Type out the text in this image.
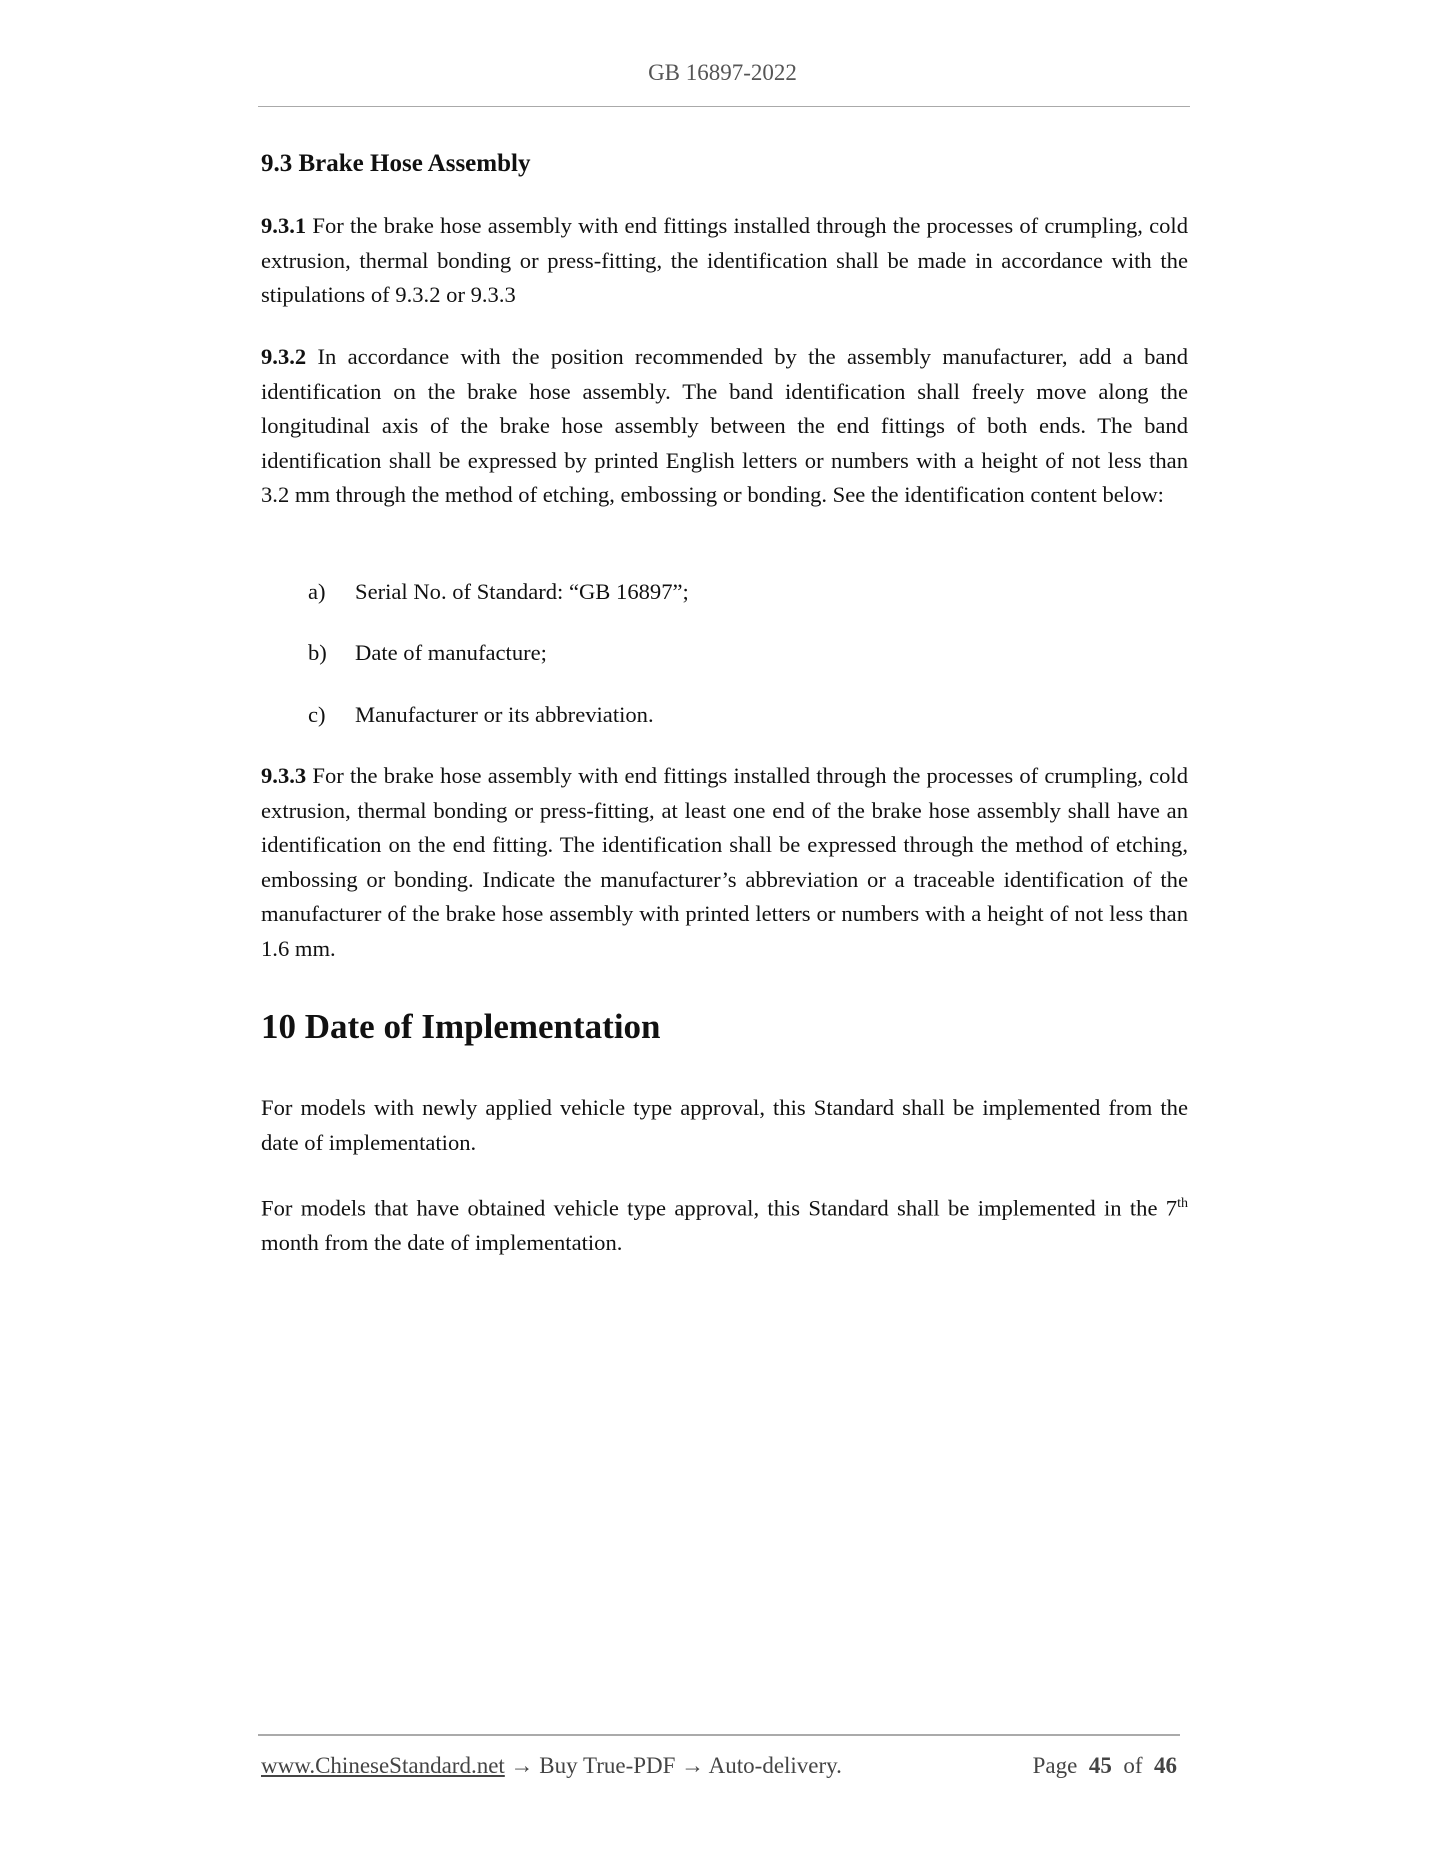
GB 16897-2022
9.3 Brake Hose Assembly
9.3.1 For the brake hose assembly with end fittings installed through the processes of crumpling, cold extrusion, thermal bonding or press-fitting, the identification shall be made in accordance with the stipulations of 9.3.2 or 9.3.3
9.3.2 In accordance with the position recommended by the assembly manufacturer, add a band identification on the brake hose assembly. The band identification shall freely move along the longitudinal axis of the brake hose assembly between the end fittings of both ends. The band identification shall be expressed by printed English letters or numbers with a height of not less than 3.2 mm through the method of etching, embossing or bonding. See the identification content below:
a) Serial No. of Standard: “GB 16897”;
b) Date of manufacture;
c) Manufacturer or its abbreviation.
9.3.3 For the brake hose assembly with end fittings installed through the processes of crumpling, cold extrusion, thermal bonding or press-fitting, at least one end of the brake hose assembly shall have an identification on the end fitting. The identification shall be expressed through the method of etching, embossing or bonding. Indicate the manufacturer’s abbreviation or a traceable identification of the manufacturer of the brake hose assembly with printed letters or numbers with a height of not less than 1.6 mm.
10 Date of Implementation
For models with newly applied vehicle type approval, this Standard shall be implemented from the date of implementation.
For models that have obtained vehicle type approval, this Standard shall be implemented in the 7th month from the date of implementation.
www.ChineseStandard.net → Buy True-PDF → Auto-delivery.	Page 45 of 46
